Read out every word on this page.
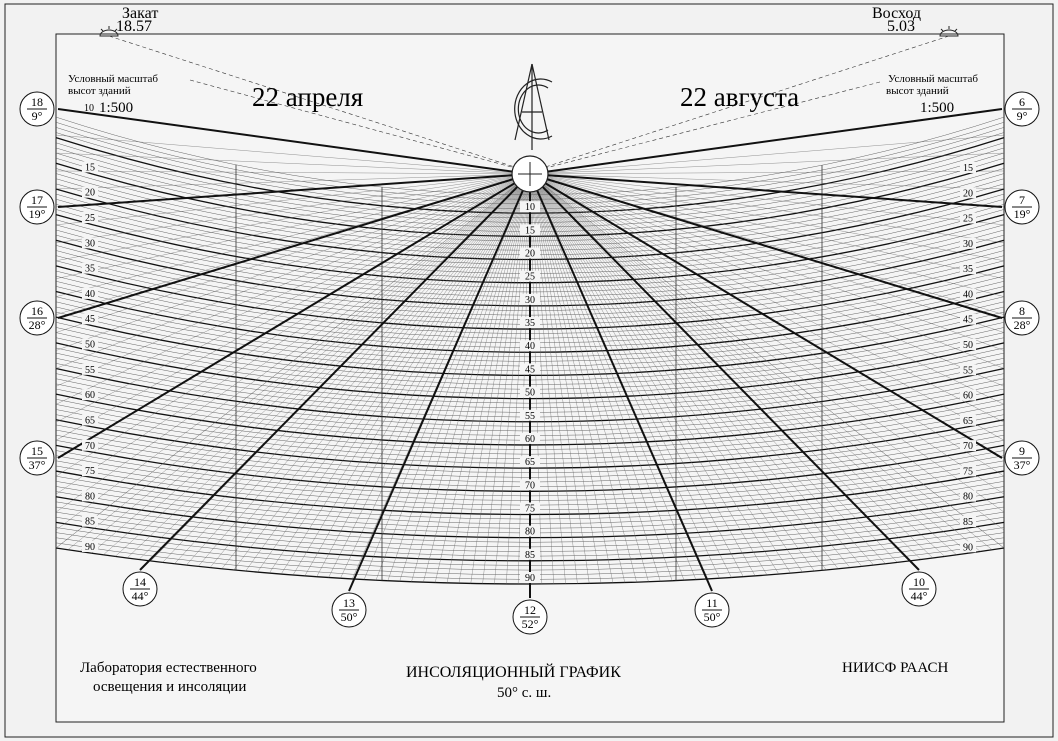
15	15
20	20
25	25
30	30
35	35
40	40
45	45
50	50
55	55
60	60
65	65
70	70
75	75
80	80
85	85
90	90
10
15
20
25
30
35
40
45
50
55
60
65
70
75
80
85
90
18
9°
17
19°
16
28°
15
37°
14
44°	13
50°	12
52°
11
50°
10
44°
9
37°
8
28°
7
19°
6
9°
Закат
18.57
Восход
5.03
22 апреля	22 августа
Условный масштаб
высот зданий
10 1:500
Условный масштаб
высот зданий
1:500
Лаборатория естественного
освещения и инсоляции
ИНСОЛЯЦИОННЫЙ ГРАФИК
50° с. ш.
НИИСФ РААСН
